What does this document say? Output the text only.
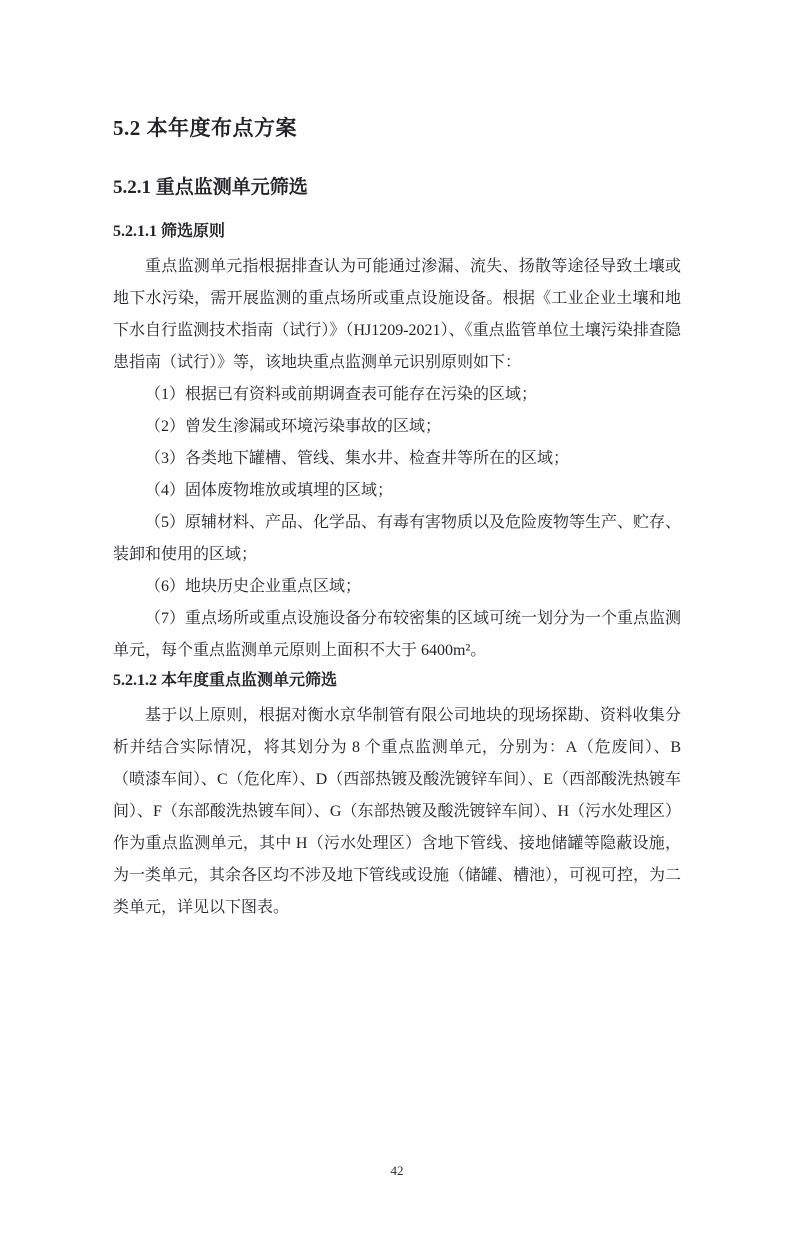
5.2 本年度布点方案
5.2.1 重点监测单元筛选
5.2.1.1 筛选原则

重点监测单元指根据排查认为可能通过渗漏、流失、扬散等途径导致土壤或地下水污染，需开展监测的重点场所或重点设施设备。根据《工业企业土壤和地下水自行监测技术指南（试行）》（HJ1209-2021）、《重点监管单位土壤污染排查隐患指南（试行）》等，该地块重点监测单元识别原则如下：

（1）根据已有资料或前期调查表可能存在污染的区域；

（2）曾发生渗漏或环境污染事故的区域；

（3）各类地下罐槽、管线、集水井、检查井等所在的区域；

（4）固体废物堆放或填埋的区域；

（5）原辅材料、产品、化学品、有毒有害物质以及危险废物等生产、贮存、装卸和使用的区域；

（6）地块历史企业重点区域；

（7）重点场所或重点设施设备分布较密集的区域可统一划分为一个重点监测单元，每个重点监测单元原则上面积不大于 6400m²。

5.2.1.2 本年度重点监测单元筛选

基于以上原则，根据对衡水京华制管有限公司地块的现场探勘、资料收集分析并结合实际情况，将其划分为 8 个重点监测单元，分别为：A（危废间）、B（喷漆车间）、C（危化库）、D（西部热镀及酸洗镀锌车间）、E（西部酸洗热镀车间）、F（东部酸洗热镀车间）、G（东部热镀及酸洗镀锌车间）、H（污水处理区）作为重点监测单元，其中 H（污水处理区）含地下管线、接地储罐等隐蔽设施，为一类单元，其余各区均不涉及地下管线或设施（储罐、槽池），可视可控，为二类单元，详见以下图表。

42
